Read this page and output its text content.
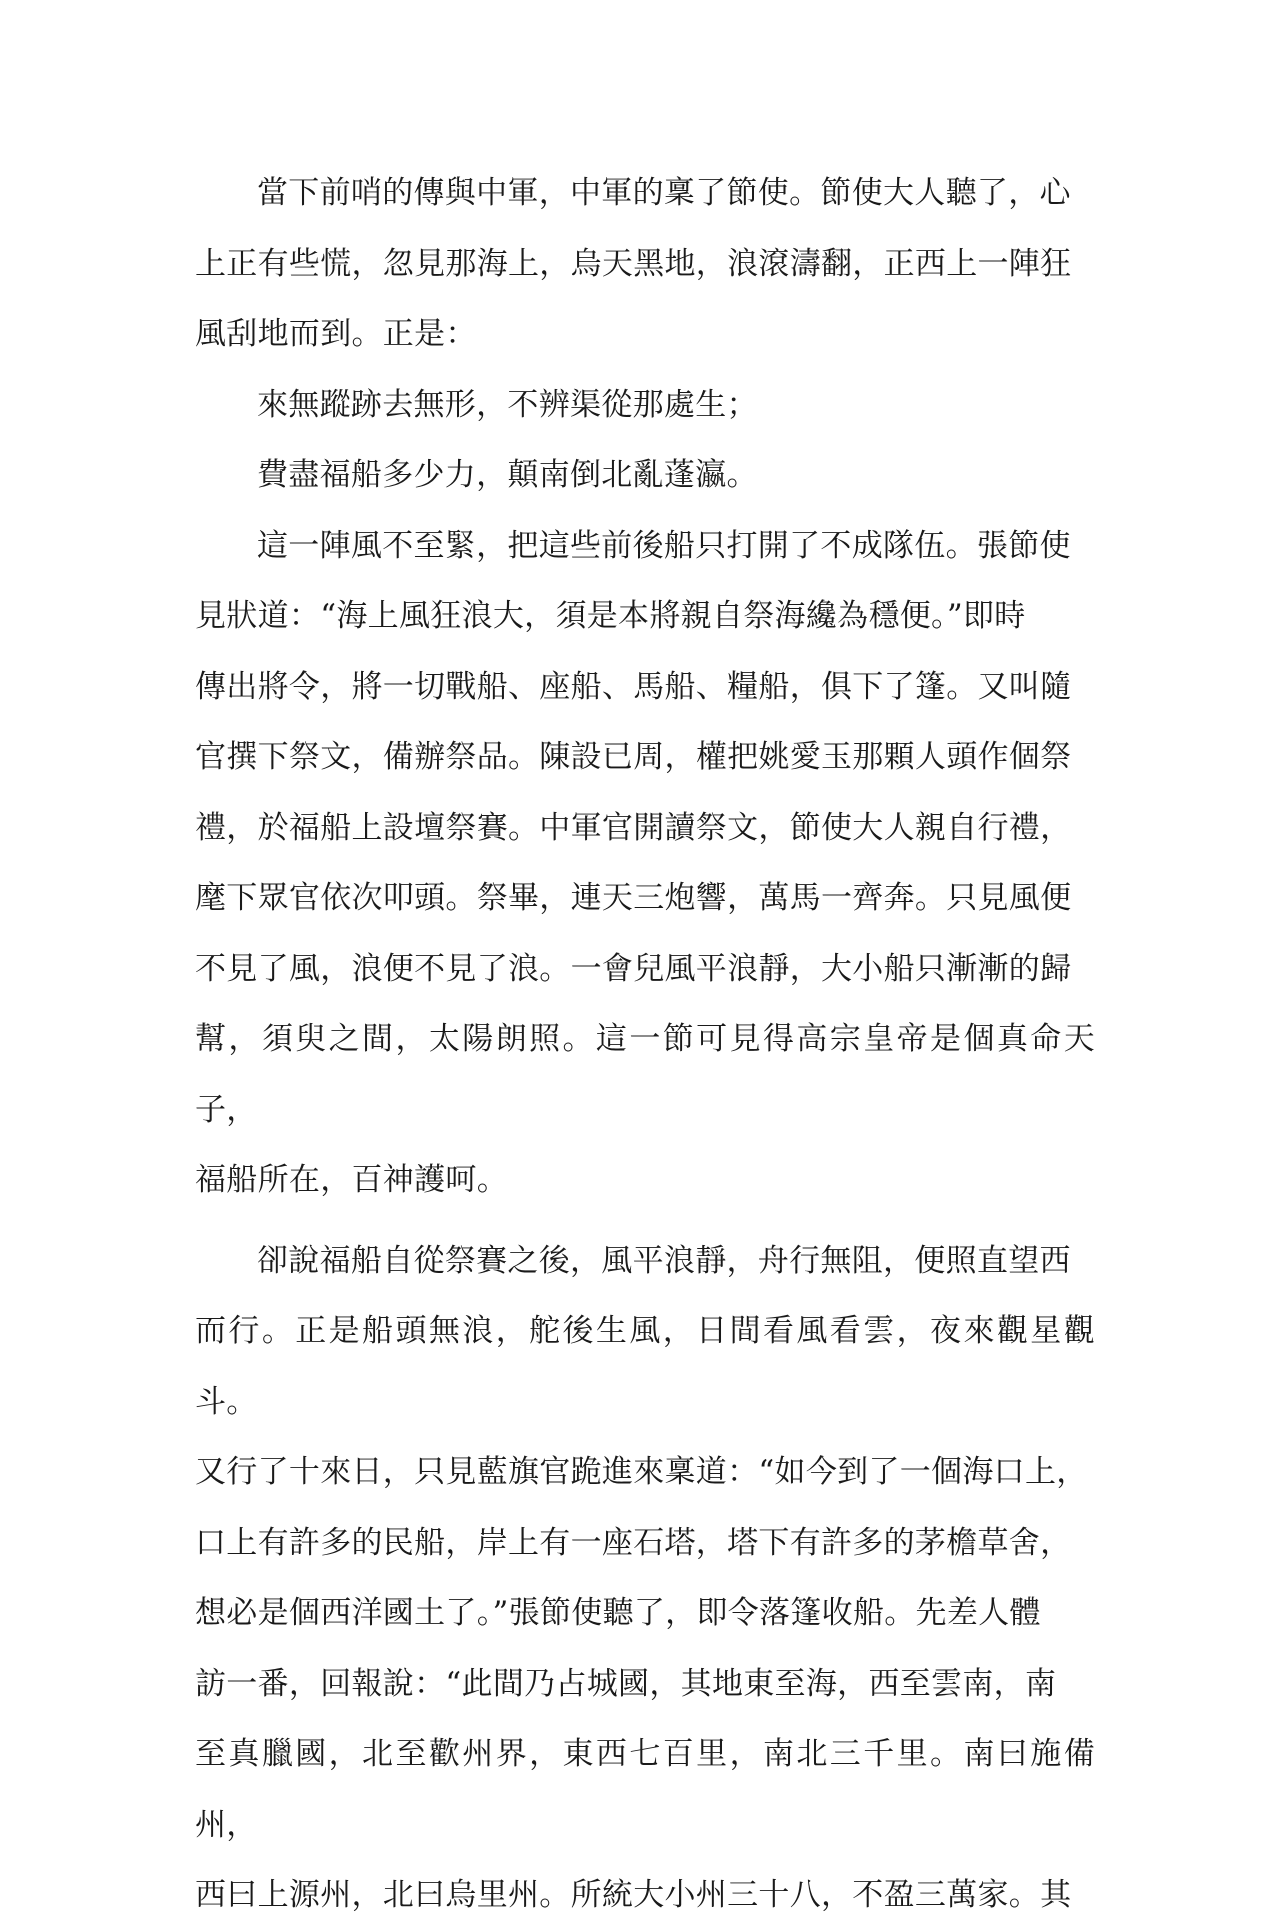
當下前哨的傳與中軍，中軍的稟了節使。節使大人聽了，心
上正有些慌，忽見那海上，烏天黑地，浪滾濤翻，正西上一陣狂
風刮地而到。正是：

來無蹤跡去無形，不辨渠從那處生；

費盡福船多少力，顛南倒北亂蓬瀛。

這一陣風不至緊，把這些前後船只打開了不成隊伍。張節使
見狀道：“海上風狂浪大，須是本將親自祭海纔為穩便。”即時
傳出將令，將一切戰船、座船、馬船、糧船，俱下了篷。又叫隨
官撰下祭文，備辦祭品。陳設已周，權把姚愛玉那顆人頭作個祭
禮，於福船上設壇祭賽。中軍官開讀祭文，節使大人親自行禮，
麾下眾官依次叩頭。祭畢，連天三炮響，萬馬一齊奔。只見風便
不見了風，浪便不見了浪。一會兒風平浪靜，大小船只漸漸的歸
幫，須臾之間，太陽朗照。這一節可見得高宗皇帝是個真命天子，
福船所在，百神護呵。

卻說福船自從祭賽之後，風平浪靜，舟行無阻，便照直望西
而行。正是船頭無浪，舵後生風，日間看風看雲，夜來觀星觀斗。
又行了十來日，只見藍旗官跪進來稟道：“如今到了一個海口上，
口上有許多的民船，岸上有一座石塔，塔下有許多的茅檐草舍，
想必是個西洋國土了。”張節使聽了，即令落篷收船。先差人體
訪一番，回報說：“此間乃占城國，其地東至海，西至雲南，南
至真臘國，北至歡州界，東西七百里，南北三千里。南曰施備州，
西曰上源州，北曰烏里州。所統大小州三十八，不盈三萬家。其
